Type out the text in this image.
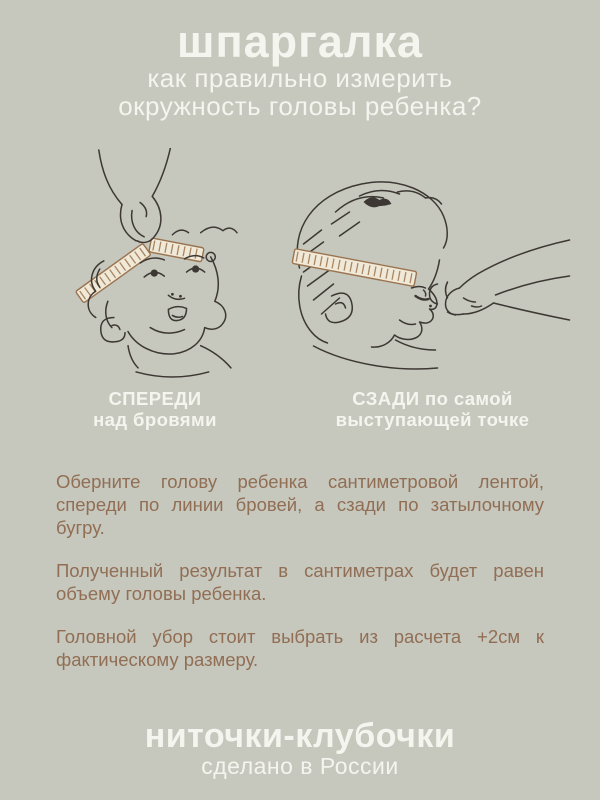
шпаргалка
как правильно измерить
окружность головы ребенка?
СПЕРЕДИ
над бровями
СЗАДИ по самой
выступающей точке

Оберните голову ребенка сантиметровой лентой, спереди по линии бровей, а сзади по затылочному бугру.

Полученный результат в сантиметрах будет равен объему головы ребенка.

Головной убор стоит выбрать из расчета +2см к фактическому размеру.

ниточки-клубочки
сделано в России
